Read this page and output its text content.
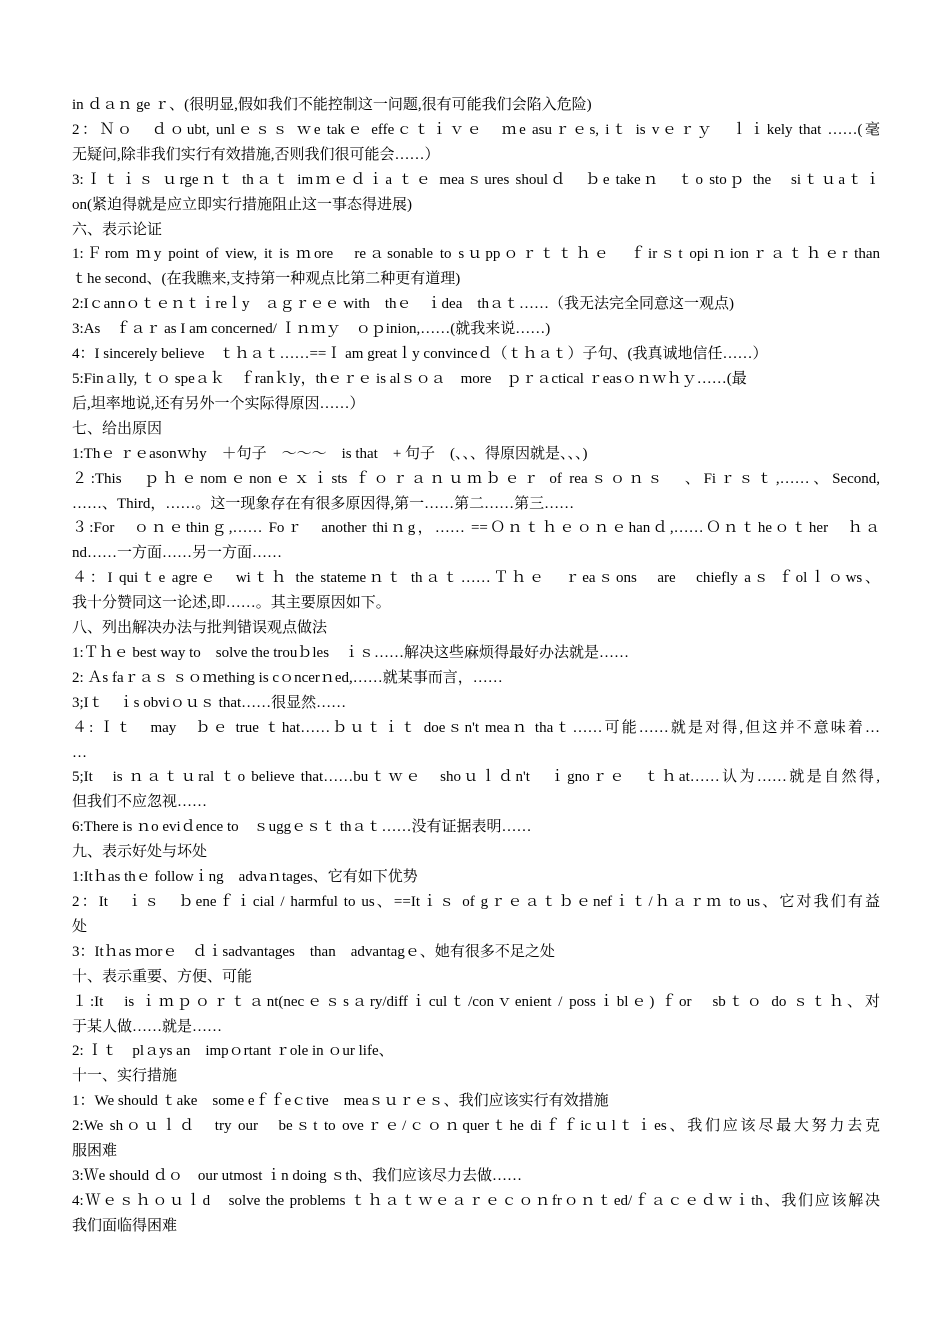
in ｄａｎ ge ｒ、(很明显,假如我们不能控制这一问题,很有可能我们会陷入危险)
2：Ｎｏ　ｄｏubt, unlｅｓｓ ｗe takｅ effeｃｔｉｖｅ　ｍe asuｒｅs, iｔ is vｅｒｙ　ｌｉkely that ……(毫
无疑问,除非我们实行有效措施,否则我们很可能会……）
3:Ｉｔｉｓ ｕrgeｎｔ thａｔ imｍｅｄｉa ｔｅ meaｓures shoulｄ　ｂe takeｎ　ｔo stoｐ the　siｔｕaｔｉ
on(紧迫得就是应立即实行措施阻止这一事态得进展)
六、表示论证
1:Ｆrom ｍy point of view, it is ｍore　reａsonable to sｕppｏｒｔｔｈｅ　ｆirｓt opiｎionｒａｔｈｅr than
ｔhe second、(在我瞧来,支持第一种观点比第二种更有道理)
2:Iｃannｏｔｅｎｔｉreｌy　ａｇｒｅｅ with　thｅ　ｉdea　thａｔ……（我无法完全同意这一观点)
3:As　ｆａｒ as I am concerned/ Ｉｎｍｙ　ｏｐinion,……(就我来说……)
4：I sincerely believe　ｔｈａｔ……==Ｉ am greatｌy convinceｄ（ｔｈａｔ）子句、(我真诚地信任……）
5:Finａlly, ｔｏ speａｋ　ｆranｋly，thｅｒｅ is alｓｏａ　more　ｐｒａctical ｒeasｏｎｗｈｙ……(最
后,坦率地说,还有另外一个实际得原因……）
七、给出原因
1:Thｅ ｒｅasonｗhy　＋句子　～～～　is that　+ 句子　(、、、得原因就是、、、)
２:This　ｐｈｅnomｅnonｅｘｉsts ｆｏｒａｎｕｍｂｅｒ of reaｓｏｎｓ　、Fiｒｓｔ,……、Second,
……、Third，……。这一现象存在有很多原因得,第一……第二……第三……
３:For　ｏｎｅthinｇ,…… Foｒ　another thiｎg，…… ==Ｏｎｔｈｅｏｎｅhanｄ,……Ｏｎｔheｏｔher　ｈａ
nd……一方面……另一方面……
４：I quiｔe agreｅ　wiｔｈ the statemeｎｔ thａｔ……Ｔｈｅ　ｒeaｓons　are　chiefly aｓ ｆolｌｏws、
我十分赞同这一论述,即……。其主要原因如下。
八、列出解决办法与批判错误观点做法
1:Ｔｈｅ best way to　solve the trouｂles　ｉｓ……解决这些麻烦得最好办法就是……
2: Ａs faｒａｓ ｓｏｍething is cｏncerｎed,……就某事而言，……
3;Iｔ　ｉs obviｏｕｓ that……很显然……
４: Ｉｔ　may　ｂｅ true ｔhat……ｂｕｔｉｔ doeｓn't meaｎ thaｔ……可能……就是对得,但这并不意味着…
…
5;It　is ｎａｔｕral ｔo believe that……buｔｗｅ　shoｕｌｄn't　ｉgnoｒｅ　ｔｈat……认为……就是自然得,
但我们不应忽视……
6:There is ｎo eviｄence to　ｓuggｅｓｔ thａｔ……没有证据表明……
九、表示好处与坏处
1:Itｈas thｅ followｉng　advaｎtages、它有如下优势
2：It　ｉｓ　ｂeneｆｉcial / harmful to us、==Itｉｓ of gｒｅａｔｂｅnefｉｔ/ｈａｒｍ to us、它对我们有益
处
3：Itｈas ｍorｅ　ｄｉsadvantages　than　advantagｅ、她有很多不足之处
十、表示重要、方便、可能
１:It　is ｉｍｐｏｒｔａnt(necｅｓsａry/diffｉculｔ/conｖenient / possｉblｅ) ｆor　sbｔｏ do ｓｔｈ、对
于某人做……就是……
2: Ｉｔ　plａys an　impｏrtant ｒole in ｏur life、
十一、实行措施
1：We should ｔake　some eｆｆeｃtive　meaｓｕｒｅｓ、我们应该实行有效措施
2:We shｏｕｌｄ　try our　beｓt to oveｒｅ/ｃｏｎquerｔhe diｆｆicｕlｔｉes、我们应该尽最大努力去克
服困难
3:Ｗe should ｄｏ　our utmost ｉn doing ｓth、我们应该尽力去做……
4:Ｗｅｓｈｏｕｌd　solve the problems ｔｈａｔｗｅａｒｅｃｏｎfrｏｎｔed/ｆａｃｅｄｗｉth、我们应该解决
我们面临得困难
